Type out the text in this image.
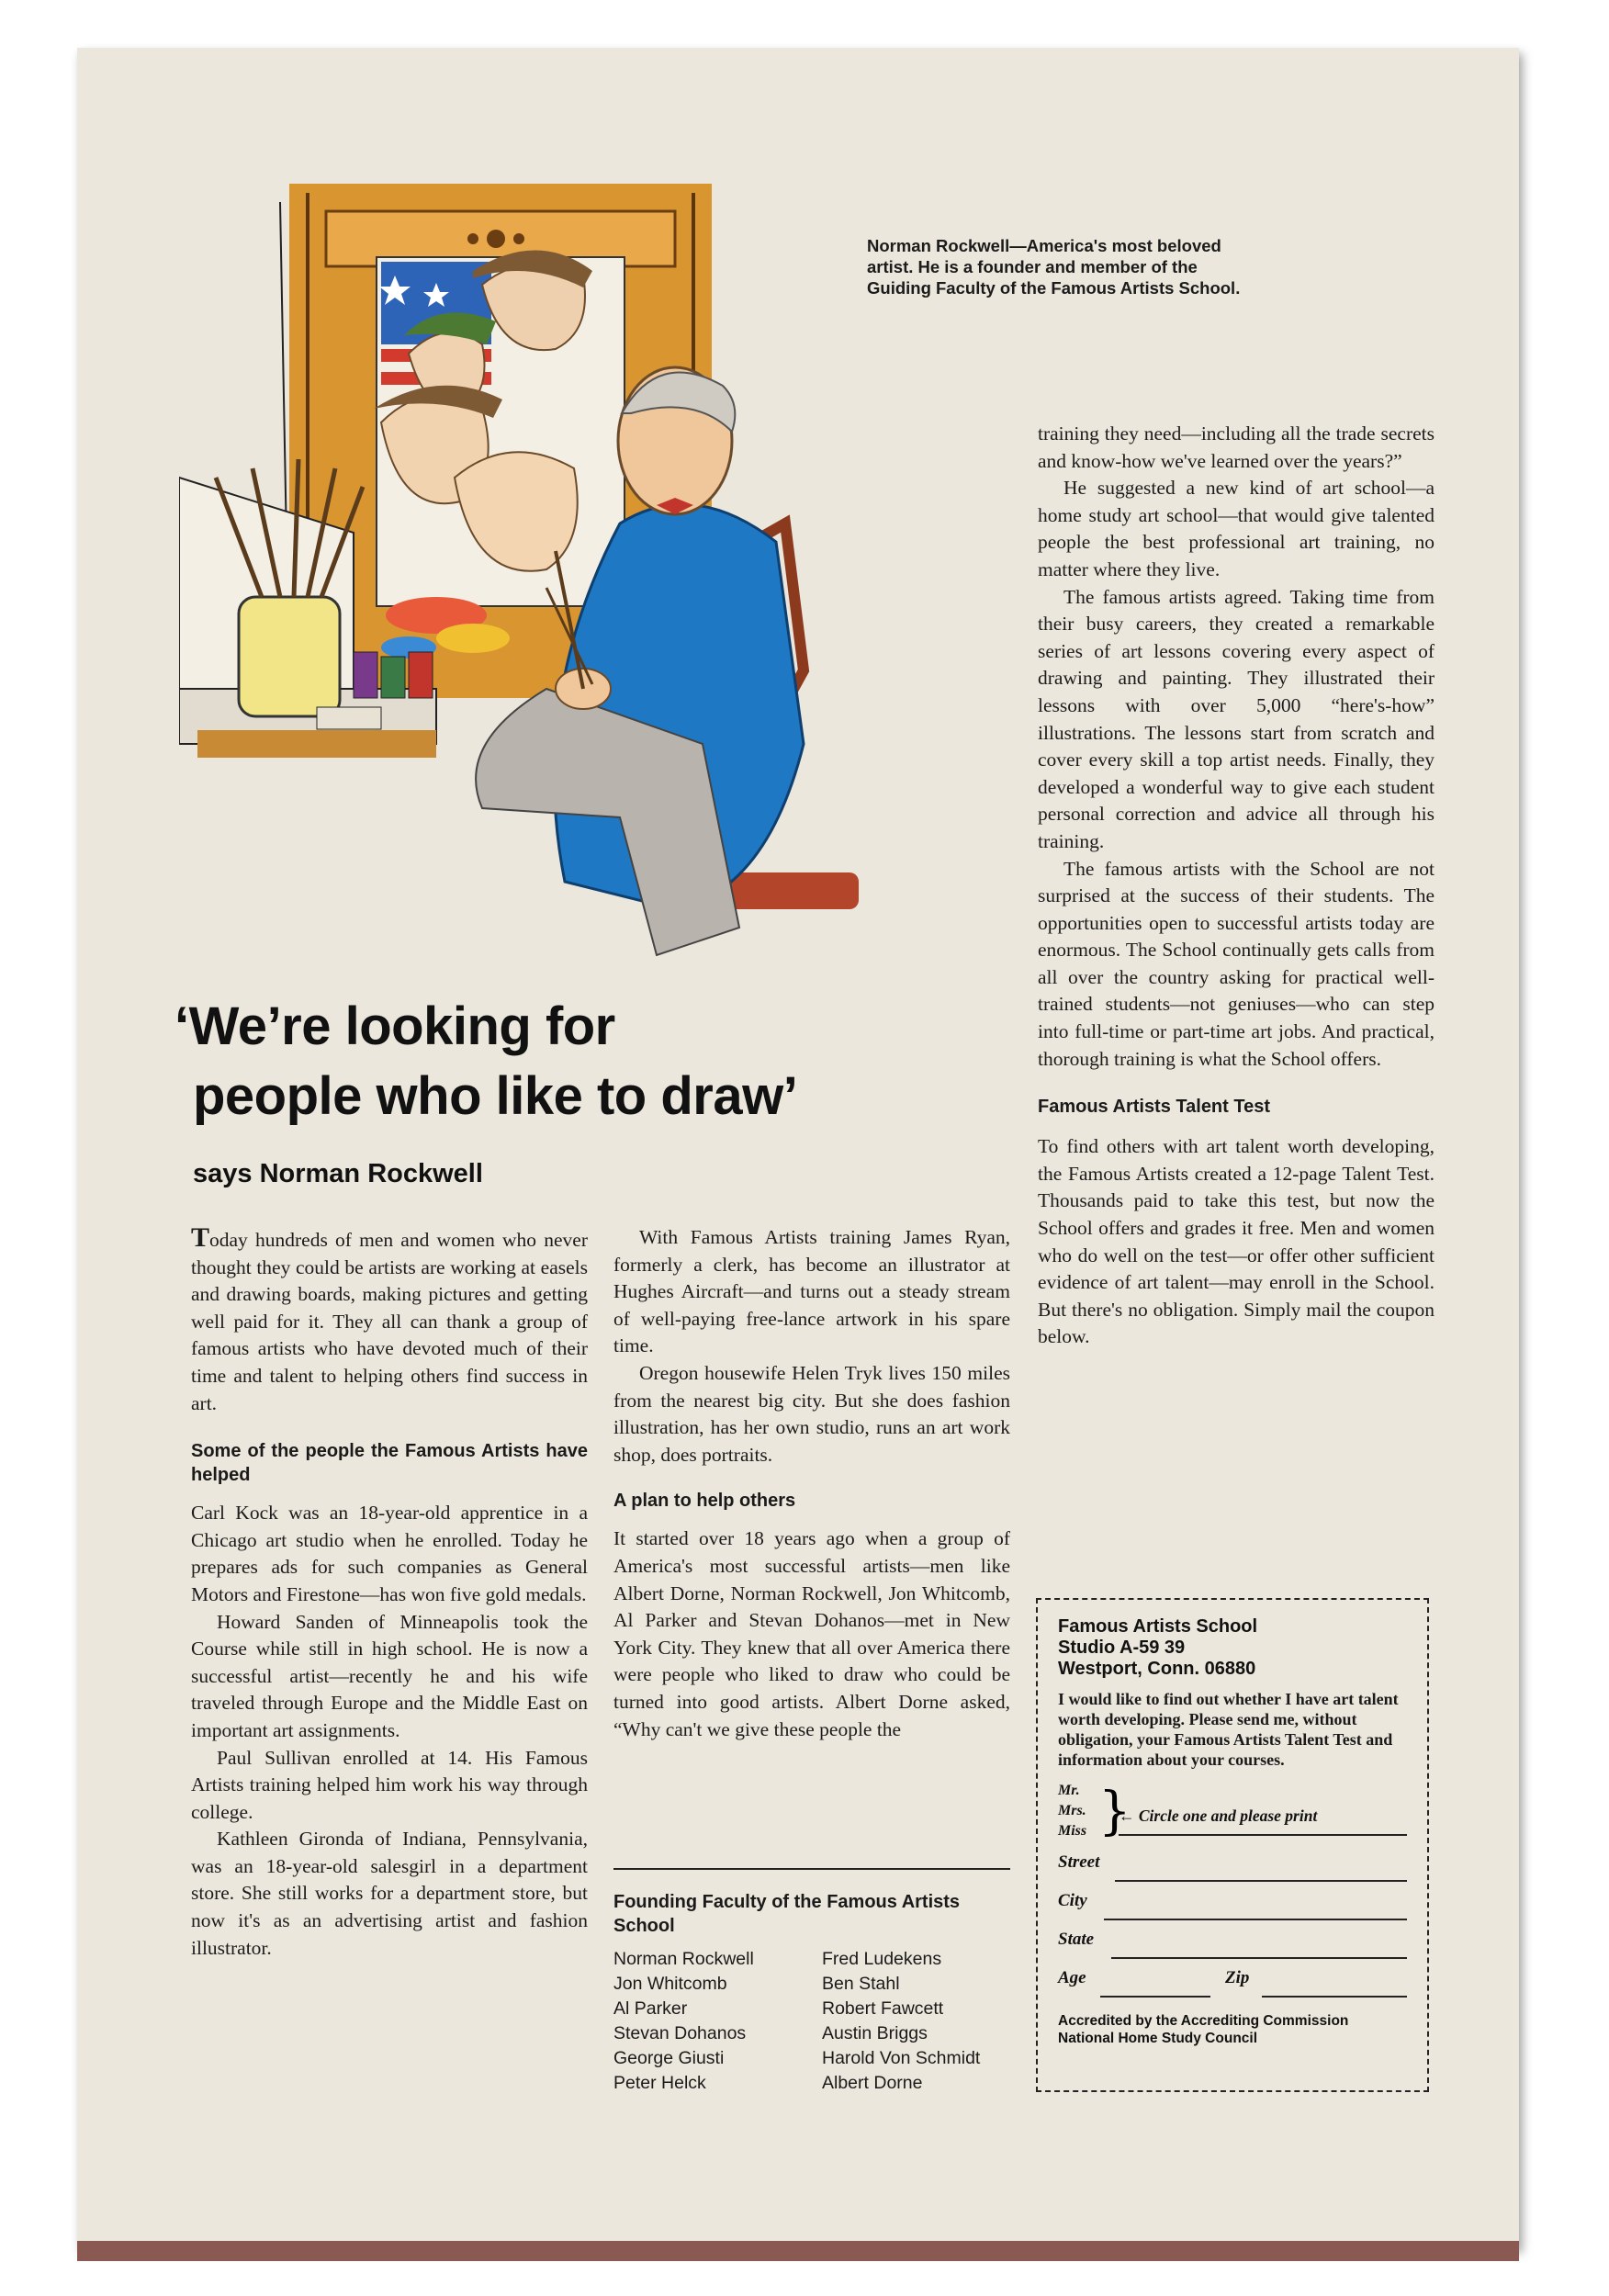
Norman Rockwell—America's most beloved artist. He is a founder and member of the Guiding Faculty of the Famous Artists School.
‘We’re looking for
people who like to draw’
says Norman Rockwell

Today hundreds of men and women who never thought they could be artists are working at easels and drawing boards, making pictures and getting well paid for it. They all can thank a group of famous artists who have devoted much of their time and talent to helping others find success in art.

Some of the people the Famous Artists have helped

Carl Kock was an 18-year-old apprentice in a Chicago art studio when he enrolled. Today he prepares ads for such companies as General Motors and Firestone—has won five gold medals.

Howard Sanden of Minneapolis took the Course while still in high school. He is now a successful artist—recently he and his wife traveled through Europe and the Middle East on important art assignments.

Paul Sullivan enrolled at 14. His Famous Artists training helped him work his way through college.

Kathleen Gironda of Indiana, Pennsylvania, was an 18-year-old salesgirl in a department store. She still works for a department store, but now it's as an advertising artist and fashion illustrator.

With Famous Artists training James Ryan, formerly a clerk, has become an illustrator at Hughes Aircraft—and turns out a steady stream of well-paying free-lance artwork in his spare time.

Oregon housewife Helen Tryk lives 150 miles from the nearest big city. But she does fashion illustration, has her own studio, runs an art work shop, does portraits.

A plan to help others

It started over 18 years ago when a group of America's most successful artists—men like Albert Dorne, Norman Rockwell, Jon Whitcomb, Al Parker and Stevan Dohanos—met in New York City. They knew that all over America there were people who liked to draw who could be turned into good artists. Albert Dorne asked, “Why can't we give these people the

Founding Faculty of the Famous Artists School
Norman Rockwell
Jon Whitcomb
Al Parker
Stevan Dohanos
George Giusti
Peter Helck
Fred Ludekens
Ben Stahl
Robert Fawcett
Austin Briggs
Harold Von Schmidt
Albert Dorne

training they need—including all the trade secrets and know-how we've learned over the years?”

He suggested a new kind of art school—a home study art school—that would give talented people the best professional art training, no matter where they live.

The famous artists agreed. Taking time from their busy careers, they created a remarkable series of art lessons covering every aspect of drawing and painting. They illustrated their lessons with over 5,000 “here's-how” illustrations. The lessons start from scratch and cover every skill a top artist needs. Finally, they developed a wonderful way to give each student personal correction and advice all through his training.

The famous artists with the School are not surprised at the success of their students. The opportunities open to successful artists today are enormous. The School continually gets calls from all over the country asking for practical well-trained students—not geniuses—who can step into full-time or part-time art jobs. And practical, thorough training is what the School offers.

Famous Artists Talent Test

To find others with art talent worth developing, the Famous Artists created a 12-page Talent Test. Thousands paid to take this test, but now the School offers and grades it free. Men and women who do well on the test—or offer other sufficient evidence of art talent—may enroll in the School. But there's no obligation. Simply mail the coupon below.

Famous Artists School
Studio A-59 39
Westport, Conn. 06880
I would like to find out whether I have art talent worth developing. Please send me, without obligation, your Famous Artists Talent Test and information about your courses.
Mr.
Mrs.
Miss }
← Circle one and please print
Street
City
State
Age	Zip
Accredited by the Accrediting Commission National Home Study Council
